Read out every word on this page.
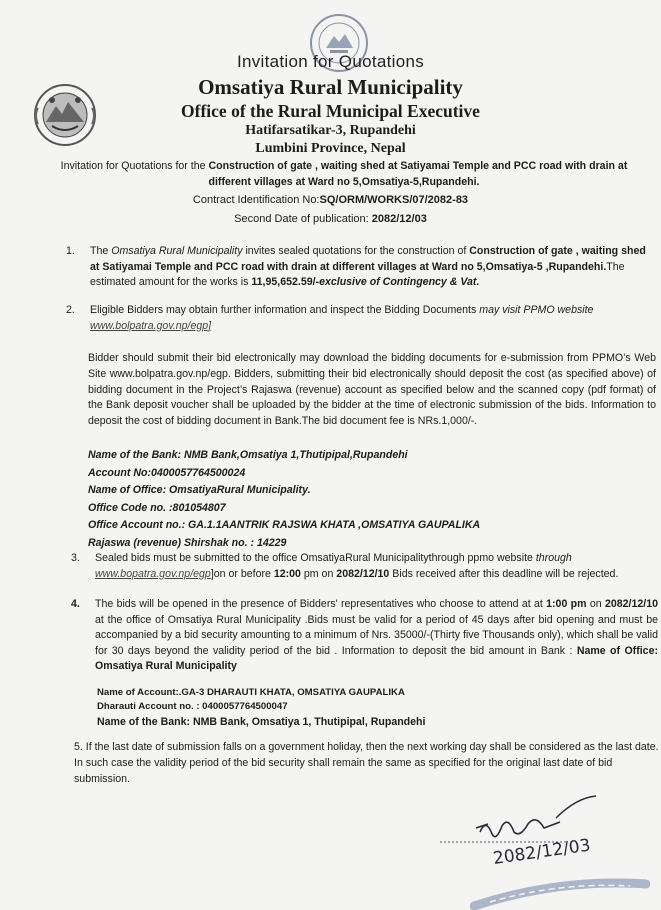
Invitation for Quotations
Omsatiya Rural Municipality
Office of the Rural Municipal Executive
Hatifarsatikar-3, Rupandehi
Lumbini Province, Nepal
Invitation for Quotations for the Construction of gate , waiting shed at Satiyamai Temple and PCC road with drain at different villages at Ward no 5,Omsatiya-5,Rupandehi.
Contract Identification No:SQ/ORM/WORKS/07/2082-83
Second Date of publication: 2082/12/03
1. The Omsatiya Rural Municipality invites sealed quotations for the construction of Construction of gate , waiting shed at Satiyamai Temple and PCC road with drain at different villages at Ward no 5,Omsatiya-5 ,Rupandehi.The estimated amount for the works is 11,95,652.59/-exclusive of Contingency & Vat.
2. Eligible Bidders may obtain further information and inspect the Bidding Documents may visit PPMO website
www.bolpatra.gov.np/egp]
Bidder should submit their bid electronically may download the bidding documents for e-submission from PPMO’s Web Site www.bolpatra.gov.np/egp. Bidders, submitting their bid electronically should deposit the cost (as specified above) of bidding document in the Project’s Rajaswa (revenue) account as specified below and the scanned copy (pdf format) of the Bank deposit voucher shall be uploaded by the bidder at the time of electronic submission of the bids. Information to deposit the cost of bidding document in Bank.The bid document fee is NRs.1,000/-.
Name of the Bank: NMB Bank,Omsatiya 1,Thutipipal,Rupandehi
Account No:0400057764500024
Name of Office: OmsatiyaRural Municipality.
Office Code no. :801054807
Office Account no.: GA.1.1AANTRIK RAJSWA KHATA ,OMSATIYA GAUPALIKA
Rajaswa (revenue) Shirshak no. : 14229
3. Sealed bids must be submitted to the office OmsatiyaRural Municipalitythrough ppmo website through
www.bopatra.gov.np/egp]on or before 12:00 pm on 2082/12/10 Bids received after this deadline will be rejected.
4. The bids will be opened in the presence of Bidders' representatives who choose to attend at at 1:00 pm on 2082/12/10 at the office of Omsatiya Rural Municipality .Bids must be valid for a period of 45 days after bid opening and must be accompanied by a bid security amounting to a minimum of Nrs. 35000/-(Thirty five Thousands only), which shall be valid for 30 days beyond the validity period of the bid . Information to deposit the bid amount in Bank : Name of Office: Omsatiya Rural Municipality
Name of Account:.GA-3 DHARAUTI KHATA, OMSATIYA GAUPALIKA
Dharauti Account no. : 0400057764500047
Name of the Bank: NMB Bank, Omsatiya 1, Thutipipal, Rupandehi
5. If the last date of submission falls on a government holiday, then the next working day shall be considered as the last date. In such case the validity period of the bid security shall remain the same as specified for the original last date of bid submission.
2082/12/03
